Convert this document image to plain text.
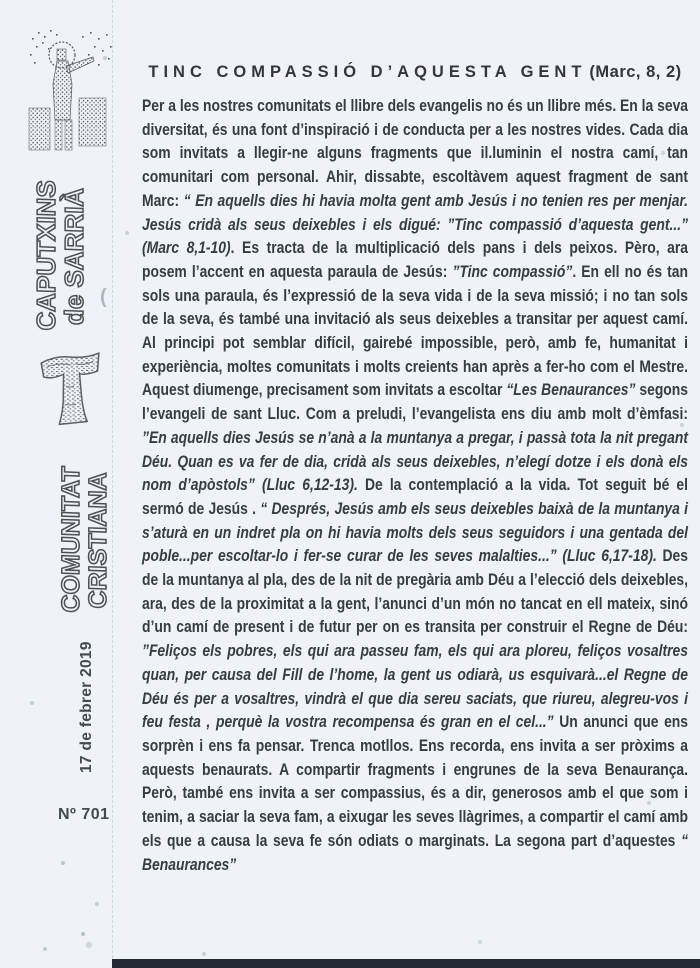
(
CAPUTXINS
de SARRIÀ
COMUNITAT CRISTIANA
17 de febrer 2019
Nº 701
TINC COMPASSIÓ D’AQUESTA GENT (Marc, 8, 2)
Per a les nostres comunitats el llibre dels evangelis no és un llibre més. En la seva diversitat, és una font d’inspiració i de conducta per a les nostres vides. Cada dia som invitats a llegir-ne alguns fragments que il.luminin el nostra camí, tan comunitari com personal. Ahir, dissabte, escoltàvem aquest fragment de sant Marc: “ En aquells dies hi havia molta gent amb Jesús i no tenien res per menjar. Jesús cridà als seus deixebles i els digué: ”Tinc compassió d’aquesta gent...” (Marc 8,1-10). Es tracta de la multiplicació dels pans i dels peixos. Pèro, ara posem l’accent en aquesta paraula de Jesús: ”Tinc compassió”. En ell no és tan sols una paraula, és l’expressió de la seva vida i de la seva missió; i no tan sols de la seva, és també una invitació als seus deixebles a transitar per aquest camí. Al principi pot semblar difícil, gairebé impossible, però, amb fe, humanitat i experiència, moltes comunitats i molts creients han après a fer-ho com el Mestre. Aquest diumenge, precisament som invitats a escoltar “Les Benaurances” segons l’evangeli de sant Lluc. Com a preludi, l’evangelista ens diu amb molt d’èmfasi: ”En aquells dies Jesús se n’anà a la muntanya a pregar, i passà tota la nit pregant Déu. Quan es va fer de dia, cridà als seus deixebles, n’elegí dotze i els donà els nom d’apòstols” (Lluc 6,12-13). De la contemplació a la vida. Tot seguit bé el sermó de Jesús . “ Després, Jesús amb els seus deixebles baixà de la muntanya i s’aturà en un indret pla on hi havia molts dels seus seguidors i una gentada del poble...per escoltar-lo i fer-se curar de les seves malalties...” (Lluc 6,17-18). Des de la muntanya al pla, des de la nit de pregària amb Déu a l’elecció dels deixebles, ara, des de la proximitat a la gent, l’anunci d’un món no tancat en ell mateix, sinó d’un camí de present i de futur per on es transita per construir el Regne de Déu: ”Feliços els pobres, els qui ara passeu fam, els qui ara ploreu, feliços vosaltres quan, per causa del Fill de l’home, la gent us odiarà, us esquivarà...el Regne de Déu és per a vosaltres, vindrà el que dia sereu saciats, que riureu, alegreu-vos i feu festa , perquè la vostra recompensa és gran en el cel...” Un anunci que ens sorprèn i ens fa pensar. Trenca motllos. Ens recorda, ens invita a ser pròxims a aquests benaurats. A compartir fragments i engrunes de la seva Benaurança. Però, també ens invita a ser compassius, és a dir, generosos amb el que som i tenim, a saciar la seva fam, a eixugar les seves llàgrimes, a compartir el camí amb els que a causa la seva fe són odiats o marginats. La segona part d’aquestes “ Benaurances”
